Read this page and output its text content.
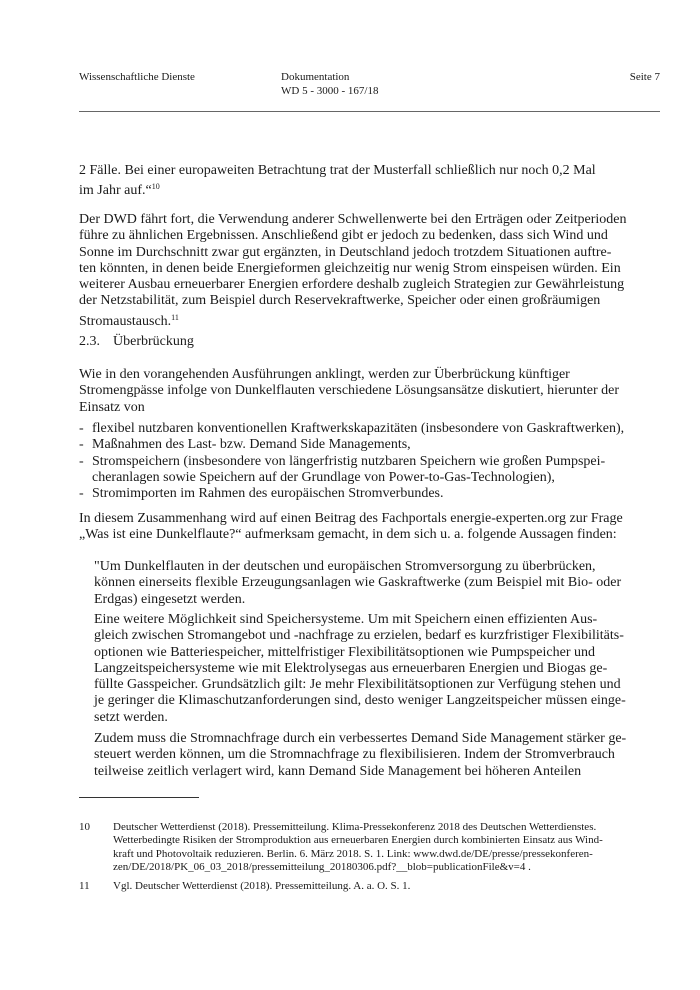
Wissenschaftliche Dienste	Dokumentation
WD 5 - 3000 - 167/18
Seite 7

2 Fälle. Bei einer europaweiten Betrachtung trat der Musterfall schließlich nur noch 0,2 Mal

im Jahr auf.“$^{10}$

Der DWD fährt fort, die Verwendung anderer Schwellenwerte bei den Erträgen oder Zeitperioden

führe zu ähnlichen Ergebnissen. Anschließend gibt er jedoch zu bedenken, dass sich Wind und

Sonne im Durchschnitt zwar gut ergänzten, in Deutschland jedoch trotzdem Situationen auftre-

ten könnten, in denen beide Energieformen gleichzeitig nur wenig Strom einspeisen würden. Ein

weiterer Ausbau erneuerbarer Energien erfordere deshalb zugleich Strategien zur Gewährleistung

der Netzstabilität, zum Beispiel durch Reservekraftwerke, Speicher oder einen großräumigen

Stromaustausch.$^{11}$

2.3. Überbrückung

Wie in den vorangehenden Ausführungen anklingt, werden zur Überbrückung künftiger

Stromengpässe infolge von Dunkelflauten verschiedene Lösungsansätze diskutiert, hierunter der

Einsatz von

- flexibel nutzbaren konventionellen Kraftwerkskapazitäten (insbesondere von Gaskraftwerken),
- Maßnahmen des Last- bzw. Demand Side Managements,
- Stromspeichern (insbesondere von längerfristig nutzbaren Speichern wie großen Pumpspei-
cheranlagen sowie Speichern auf der Grundlage von Power-to-Gas-Technologien),
- Stromimporten im Rahmen des europäischen Stromverbundes.

In diesem Zusammenhang wird auf einen Beitrag des Fachportals energie-experten.org zur Frage

„Was ist eine Dunkelflaute?“ aufmerksam gemacht, in dem sich u. a. folgende Aussagen finden:

"Um Dunkelflauten in der deutschen und europäischen Stromversorgung zu überbrücken,

können einerseits flexible Erzeugungsanlagen wie Gaskraftwerke (zum Beispiel mit Bio- oder

Erdgas) eingesetzt werden.

Eine weitere Möglichkeit sind Speichersysteme. Um mit Speichern einen effizienten Aus-

gleich zwischen Stromangebot und -nachfrage zu erzielen, bedarf es kurzfristiger Flexibilitäts-

optionen wie Batteriespeicher, mittelfristiger Flexibilitätsoptionen wie Pumpspeicher und

Langzeitspeichersysteme wie mit Elektrolysegas aus erneuerbaren Energien und Biogas ge-

füllte Gasspeicher. Grundsätzlich gilt: Je mehr Flexibilitätsoptionen zur Verfügung stehen und

je geringer die Klimaschutzanforderungen sind, desto weniger Langzeitspeicher müssen einge-

setzt werden.

Zudem muss die Stromnachfrage durch ein verbessertes Demand Side Management stärker ge-

steuert werden können, um die Stromnachfrage zu flexibilisieren. Indem der Stromverbrauch

teilweise zeitlich verlagert wird, kann Demand Side Management bei höheren Anteilen

10 Deutscher Wetterdienst (2018). Pressemitteilung. Klima-Pressekonferenz 2018 des Deutschen Wetterdienstes.
Wetterbedingte Risiken der Stromproduktion aus erneuerbaren Energien durch kombinierten Einsatz aus Wind-
kraft und Photovoltaik reduzieren. Berlin. 6. März 2018. S. 1. Link: www.dwd.de/DE/presse/pressekonferen-
zen/DE/2018/PK_06_03_2018/pressemitteilung_20180306.pdf?__blob=publicationFile&v=4 .
11 Vgl. Deutscher Wetterdienst (2018). Pressemitteilung. A. a. O. S. 1.
